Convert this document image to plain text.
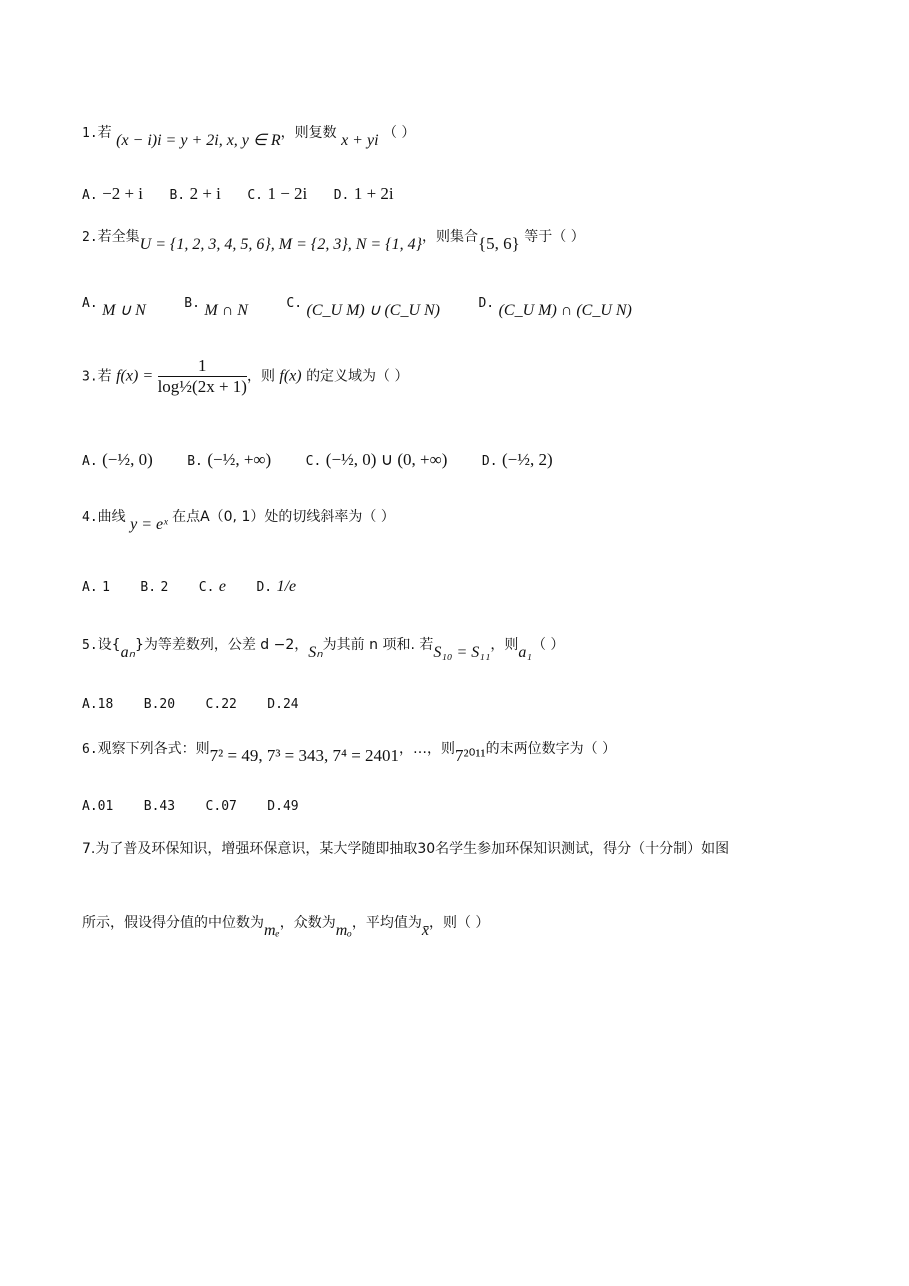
1.若 (x − i)i = y + 2i, x, y ∈ R，则复数 x + yi （ ）
A. −2 + i B. 2 + i C. 1 − 2i D. 1 + 2i
2.若全集U = {1, 2, 3, 4, 5, 6}, M = {2, 3}, N = {1, 4}，则集合{5, 6} 等于（ ）
A. M ∪ N	B. M ∩ N	C. (C_U M) ∪ (C_U N)	D. (C_U M) ∩ (C_U N)
3.若 $f(x) = \frac{1}{\text{log½(2x + 1)}}$ ，则 f(x) 的定义域为（ ）
A. (−½, 0)	B. (−½, +∞)	C. (−½, 0) ∪ (0, +∞)	D. (−½, 2)
4.曲线 y = eˣ 在点A（0, 1）处的切线斜率为（ ）
A. 1 B. 2 C. e D. 1/e
5.设{aₙ}为等差数列，公差 d −2，Sₙ为其前 n 项和. 若S₁₀ = S₁₁，则a₁（ ）
A.18 B.20 C.22 D.24
6.观察下列各式：则7² = 49, 7³ = 343, 7⁴ = 2401，…，则7²⁰¹¹的末两位数字为（ ）
A.01 B.43 C.07 D.49
7.为了普及环保知识，增强环保意识，某大学随即抽取30名学生参加环保知识测试，得分（十分制）如图
所示，假设得分值的中位数为mₑ，众数为mₒ，平均值为x̄，则（ ）
